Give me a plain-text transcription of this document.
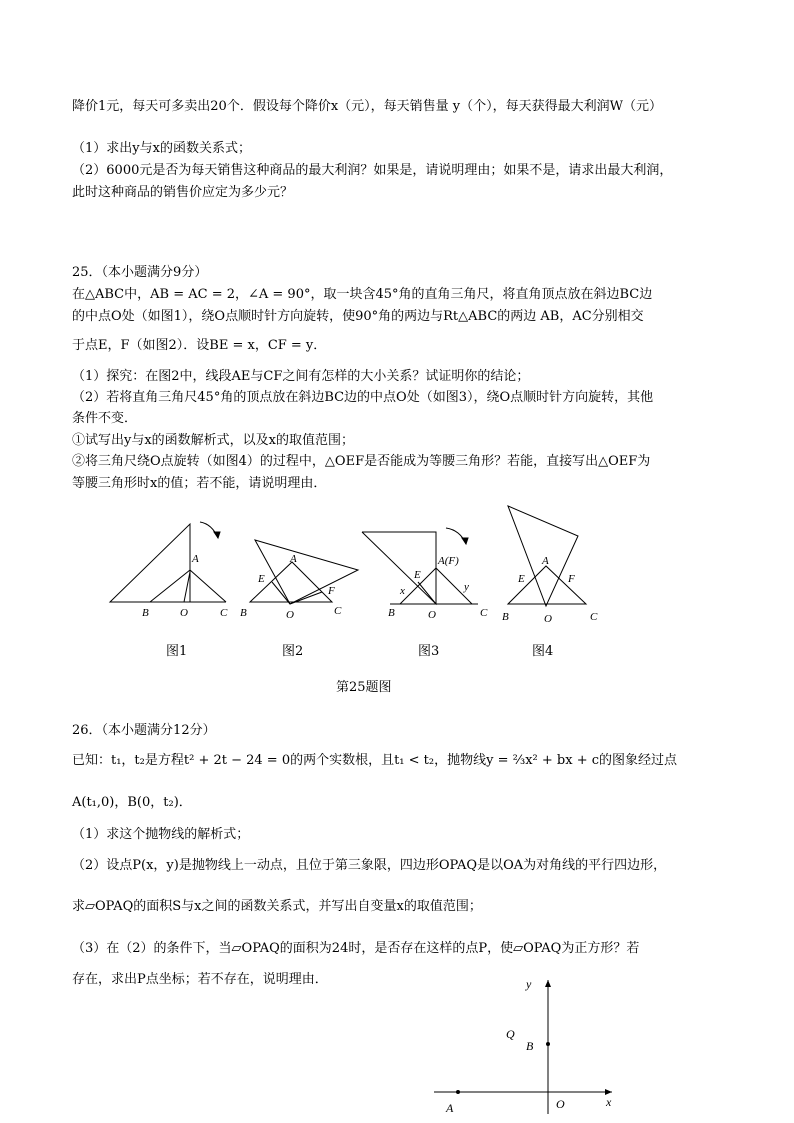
降价1元，每天可多卖出20个．假设每个降价x（元），每天销售量 y（个），每天获得最大利润W（元）
（1）求出y与x的函数关系式；
（2）6000元是否为每天销售这种商品的最大利润？如果是，请说明理由；如果不是，请求出最大利润，
此时这种商品的销售价应定为多少元？
25．（本小题满分9分）
在△ABC中，AB = AC = 2，∠A = 90°，取一块含45°角的直角三角尺，将直角顶点放在斜边BC边
的中点O处（如图1），绕O点顺时针方向旋转，使90°角的两边与Rt△ABC的两边 AB，AC分别相交
于点E，F（如图2）．设BE = x，CF = y．
（1）探究：在图2中，线段AE与CF之间有怎样的大小关系？试证明你的结论；
（2）若将直角三角尺45°角的顶点放在斜边BC边的中点O处（如图3），绕O点顺时针方向旋转，其他
条件不变．
①试写出y与x的函数解析式，以及x的取值范围；
②将三角尺绕O点旋转（如图4）的过程中，△OEF是否能成为等腰三角形？若能，直接写出△OEF为
等腰三角形时x的值；若不能，请说明理由．
A
B	O	C
A
B	O	C
E
F
A(F)
E
x	y
B	O	C
A
E	F
B	O	C
图1	图2	图3	图4
第25题图
26．（本小题满分12分）
已知：t₁，t₂是方程t² + 2t − 24 = 0的两个实数根，且t₁ < t₂，抛物线y = ⅔x² + bx + c的图象经过点
A(t₁,0)，B(0，t₂)．
（1）求这个抛物线的解析式；
（2）设点P(x，y)是抛物线上一动点，且位于第三象限，四边形OPAQ是以OA为对角线的平行四边形，
求▱OPAQ的面积S与x之间的函数关系式，并写出自变量x的取值范围；
（3）在（2）的条件下，当▱OPAQ的面积为24时，是否存在这样的点P，使▱OPAQ为正方形？若
存在，求出P点坐标；若不存在，说明理由．	y
x
O
A
B
Q
